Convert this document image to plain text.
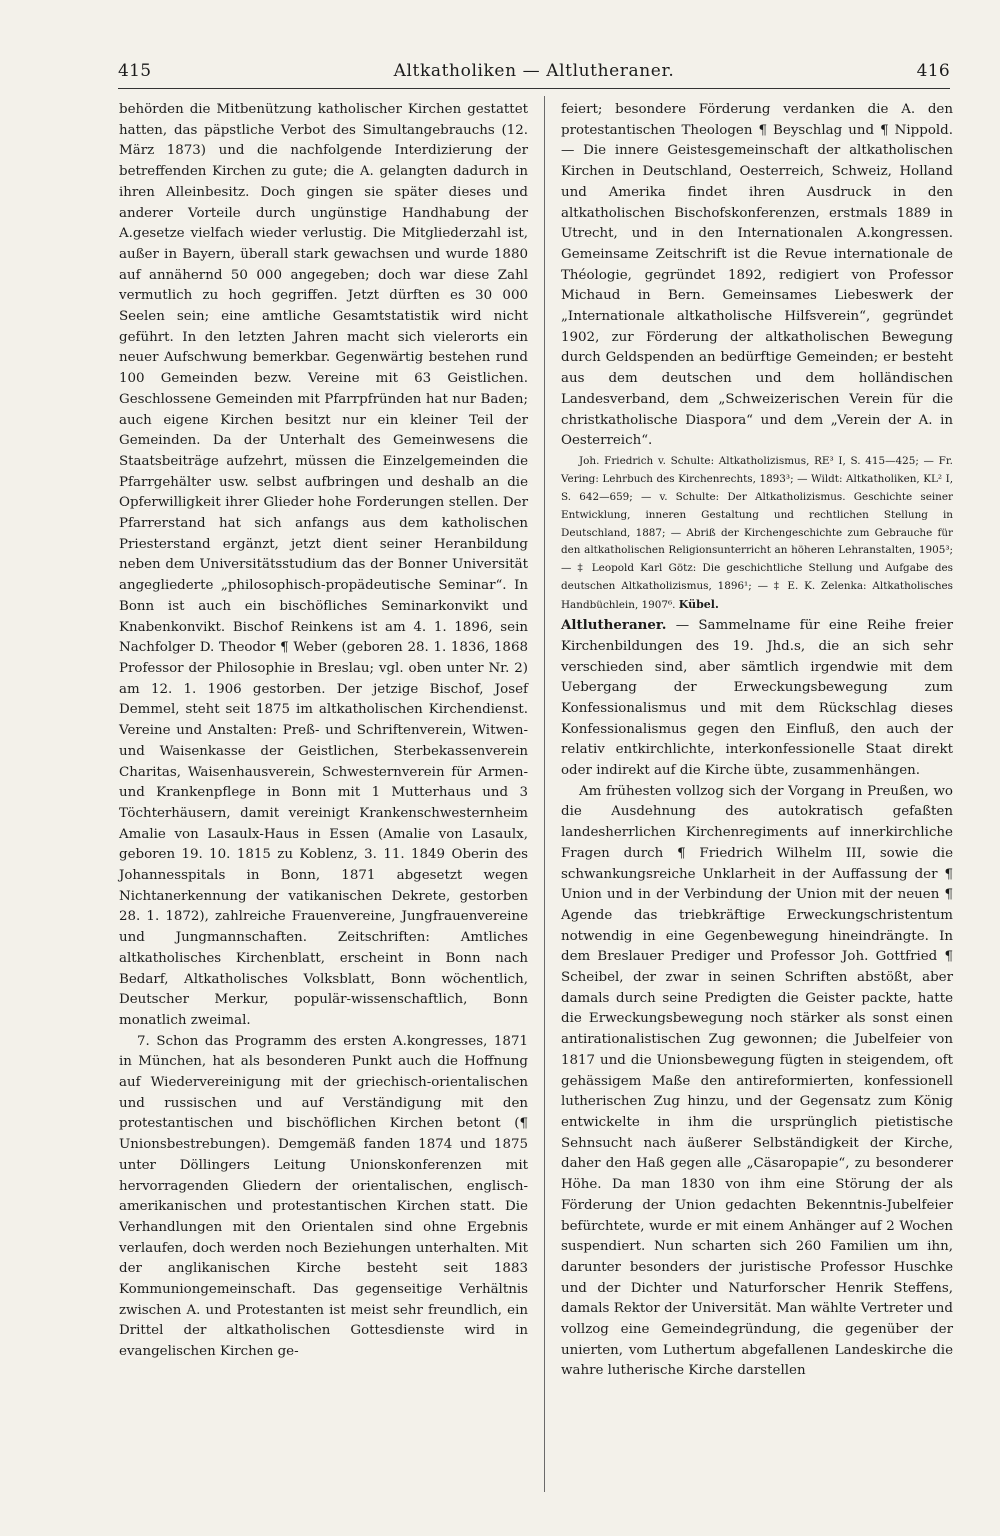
415	Altkatholiken — Altlutheraner.	416

behörden die Mitbenützung katholischer Kirchen gestattet hatten, das päpstliche Verbot des Simultangebrauchs (12. März 1873) und die nachfolgende Interdizierung der betreffenden Kirchen zu gute; die A. gelangten dadurch in ihren Alleinbesitz. Doch gingen sie später dieses und anderer Vorteile durch ungünstige Handhabung der A.gesetze vielfach wieder verlustig. Die Mitgliederzahl ist, außer in Bayern, überall stark gewachsen und wurde 1880 auf annähernd 50 000 angegeben; doch war diese Zahl vermutlich zu hoch gegriffen. Jetzt dürften es 30 000 Seelen sein; eine amtliche Gesamtstatistik wird nicht geführt. In den letzten Jahren macht sich vielerorts ein neuer Aufschwung bemerkbar. Gegenwärtig bestehen rund 100 Gemeinden bezw. Vereine mit 63 Geistlichen. Geschlossene Gemeinden mit Pfarrpfründen hat nur Baden; auch eigene Kirchen besitzt nur ein kleiner Teil der Gemeinden. Da der Unterhalt des Gemeinwesens die Staatsbeiträge aufzehrt, müssen die Einzelgemeinden die Pfarrgehälter usw. selbst aufbringen und deshalb an die Opferwilligkeit ihrer Glieder hohe Forderungen stellen. Der Pfarrerstand hat sich anfangs aus dem katholischen Priesterstand ergänzt, jetzt dient seiner Heranbildung neben dem Universitätsstudium das der Bonner Universität angegliederte „philosophisch-propädeutische Seminar“. In Bonn ist auch ein bischöfliches Seminarkonvikt und Knabenkonvikt. Bischof Reinkens ist am 4. 1. 1896, sein Nachfolger D. Theodor ¶ Weber (geboren 28. 1. 1836, 1868 Professor der Philosophie in Breslau; vgl. oben unter Nr. 2) am 12. 1. 1906 gestorben. Der jetzige Bischof, Josef Demmel, steht seit 1875 im altkatholischen Kirchendienst. Vereine und Anstalten: Preß- und Schriftenverein, Witwen- und Waisenkasse der Geistlichen, Sterbekassenverein Charitas, Waisenhausverein, Schwesternverein für Armen- und Krankenpflege in Bonn mit 1 Mutterhaus und 3 Töchterhäusern, damit vereinigt Krankenschwesternheim Amalie von Lasaulx-Haus in Essen (Amalie von Lasaulx, geboren 19. 10. 1815 zu Koblenz, 3. 11. 1849 Oberin des Johannesspitals in Bonn, 1871 abgesetzt wegen Nichtanerkennung der vatikanischen Dekrete, gestorben 28. 1. 1872), zahlreiche Frauenvereine, Jungfrauenvereine und Jungmannschaften. Zeitschriften: Amtliches altkatholisches Kirchenblatt, erscheint in Bonn nach Bedarf, Altkatholisches Volksblatt, Bonn wöchentlich, Deutscher Merkur, populär-wissenschaftlich, Bonn monatlich zweimal.

7. Schon das Programm des ersten A.kongresses, 1871 in München, hat als besonderen Punkt auch die Hoffnung auf Wiedervereinigung mit der griechisch-orientalischen und russischen und auf Verständigung mit den protestantischen und bischöflichen Kirchen betont (¶ Unionsbestrebungen). Demgemäß fanden 1874 und 1875 unter Döllingers Leitung Unionskonferenzen mit hervorragenden Gliedern der orientalischen, englisch-amerikanischen und protestantischen Kirchen statt. Die Verhandlungen mit den Orientalen sind ohne Ergebnis verlaufen, doch werden noch Beziehungen unterhalten. Mit der anglikanischen Kirche besteht seit 1883 Kommuniongemeinschaft. Das gegenseitige Verhältnis zwischen A. und Protestanten ist meist sehr freundlich, ein Drittel der altkatholischen Gottesdienste wird in evangelischen Kirchen ge-

feiert; besondere Förderung verdanken die A. den protestantischen Theologen ¶ Beyschlag und ¶ Nippold. — Die innere Geistesgemeinschaft der altkatholischen Kirchen in Deutschland, Oesterreich, Schweiz, Holland und Amerika findet ihren Ausdruck in den altkatholischen Bischofskonferenzen, erstmals 1889 in Utrecht, und in den Internationalen A.kongressen. Gemeinsame Zeitschrift ist die Revue internationale de Théologie, gegründet 1892, redigiert von Professor Michaud in Bern. Gemeinsames Liebeswerk der „Internationale altkatholische Hilfsverein“, gegründet 1902, zur Förderung der altkatholischen Bewegung durch Geldspenden an bedürftige Gemeinden; er besteht aus dem deutschen und dem holländischen Landesverband, dem „Schweizerischen Verein für die christkatholische Diaspora“ und dem „Verein der A. in Oesterreich“.

Joh. Friedrich v. Schulte: Altkatholizismus, RE³ I, S. 415—425; — Fr. Vering: Lehrbuch des Kirchenrechts, 1893³; — Wildt: Altkatholiken, KL² I, S. 642—659; — v. Schulte: Der Altkatholizismus. Geschichte seiner Entwicklung, inneren Gestaltung und rechtlichen Stellung in Deutschland, 1887; — Abriß der Kirchengeschichte zum Gebrauche für den altkatholischen Religionsunterricht an höheren Lehranstalten, 1905³; — ‡ Leopold Karl Götz: Die geschichtliche Stellung und Aufgabe des deutschen Altkatholizismus, 1896¹; — ‡ E. K. Zelenka: Altkatholisches Handbüchlein, 1907⁶. Kübel.

Altlutheraner. — Sammelname für eine Reihe freier Kirchenbildungen des 19. Jhd.s, die an sich sehr verschieden sind, aber sämtlich irgendwie mit dem Uebergang der Erweckungsbewegung zum Konfessionalismus und mit dem Rückschlag dieses Konfessionalismus gegen den Einfluß, den auch der relativ entkirchlichte, interkonfessionelle Staat direkt oder indirekt auf die Kirche übte, zusammenhängen.

Am frühesten vollzog sich der Vorgang in Preußen, wo die Ausdehnung des autokratisch gefaßten landesherrlichen Kirchenregiments auf innerkirchliche Fragen durch ¶ Friedrich Wilhelm III, sowie die schwankungsreiche Unklarheit in der Auffassung der ¶ Union und in der Verbindung der Union mit der neuen ¶ Agende das triebkräftige Erweckungschristentum notwendig in eine Gegenbewegung hineindrängte. In dem Breslauer Prediger und Professor Joh. Gottfried ¶ Scheibel, der zwar in seinen Schriften abstößt, aber damals durch seine Predigten die Geister packte, hatte die Erweckungsbewegung noch stärker als sonst einen antirationalistischen Zug gewonnen; die Jubelfeier von 1817 und die Unionsbewegung fügten in steigendem, oft gehässigem Maße den antireformierten, konfessionell lutherischen Zug hinzu, und der Gegensatz zum König entwickelte in ihm die ursprünglich pietistische Sehnsucht nach äußerer Selbständigkeit der Kirche, daher den Haß gegen alle „Cäsaropapie“, zu besonderer Höhe. Da man 1830 von ihm eine Störung der als Förderung der Union gedachten Bekenntnis-Jubelfeier befürchtete, wurde er mit einem Anhänger auf 2 Wochen suspendiert. Nun scharten sich 260 Familien um ihn, darunter besonders der juristische Professor Huschke und der Dichter und Naturforscher Henrik Steffens, damals Rektor der Universität. Man wählte Vertreter und vollzog eine Gemeindegründung, die gegenüber der unierten, vom Luthertum abgefallenen Landeskirche die wahre lutherische Kirche darstellen
